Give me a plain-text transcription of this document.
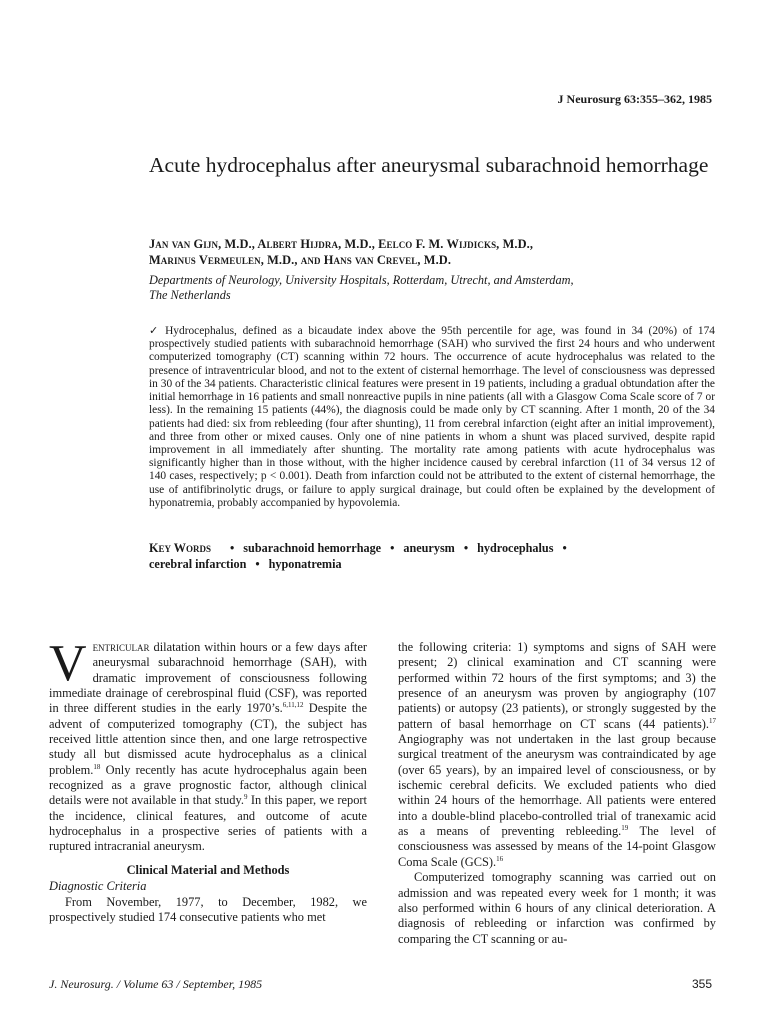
J Neurosurg 63:355–362, 1985
Acute hydrocephalus after aneurysmal subarachnoid hemorrhage
Jan van Gijn, M.D., Albert Hijdra, M.D., Eelco F. M. Wijdicks, M.D.,
Marinus Vermeulen, M.D., and Hans van Crevel, M.D.
Departments of Neurology, University Hospitals, Rotterdam, Utrecht, and Amsterdam,
The Netherlands

✓ Hydrocephalus, defined as a bicaudate index above the 95th percentile for age, was found in 34 (20%) of 174 prospectively studied patients with subarachnoid hemorrhage (SAH) who survived the first 24 hours and who underwent computerized tomography (CT) scanning within 72 hours. The occurrence of acute hydrocephalus was related to the presence of intraventricular blood, and not to the extent of cisternal hemorrhage. The level of consciousness was depressed in 30 of the 34 patients. Characteristic clinical features were present in 19 patients, including a gradual obtundation after the initial hemorrhage in 16 patients and small nonreactive pupils in nine patients (all with a Glasgow Coma Scale score of 7 or less). In the remaining 15 patients (44%), the diagnosis could be made only by CT scanning. After 1 month, 20 of the 34 patients had died: six from rebleeding (four after shunting), 11 from cerebral infarction (eight after an initial improvement), and three from other or mixed causes. Only one of nine patients in whom a shunt was placed survived, despite rapid improvement in all immediately after shunting. The mortality rate among patients with acute hydrocephalus was significantly higher than in those without, with the higher incidence caused by cerebral infarction (11 of 34 versus 12 of 140 cases, respectively; p < 0.001). Death from infarction could not be attributed to the extent of cisternal hemorrhage, the use of antifibrinolytic drugs, or failure to apply surgical drainage, but could often be explained by the development of hyponatremia, probably accompanied by hypovolemia.

Key Words • subarachnoid hemorrhage • aneurysm • hydrocephalus •
cerebral infarction • hyponatremia

Ventricular dilatation within hours or a few days after aneurysmal subarachnoid hemorrhage (SAH), with dramatic improvement of consciousness following immediate drainage of cerebrospinal fluid (CSF), was reported in three different studies in the early 1970’s.$^{6,11,12}$ Despite the advent of computerized tomography (CT), the subject has received little attention since then, and one large retrospective study all but dismissed acute hydrocephalus as a clinical problem.$^{18}$ Only recently has acute hydrocephalus again been recognized as a grave prognostic factor, although clinical details were not available in that study.$^9$ In this paper, we report the incidence, clinical features, and outcome of acute hydrocephalus in a prospective series of patients with a ruptured intracranial aneurysm.

Clinical Material and Methods

Diagnostic Criteria

From November, 1977, to December, 1982, we prospectively studied 174 consecutive patients who met

the following criteria: 1) symptoms and signs of SAH were present; 2) clinical examination and CT scanning were performed within 72 hours of the first symptoms; and 3) the presence of an aneurysm was proven by angiography (107 patients) or autopsy (23 patients), or strongly suggested by the pattern of basal hemorrhage on CT scans (44 patients).$^{17}$ Angiography was not undertaken in the last group because surgical treatment of the aneurysm was contraindicated by age (over 65 years), by an impaired level of consciousness, or by ischemic cerebral deficits. We excluded patients who died within 24 hours of the hemorrhage. All patients were entered into a double-blind placebo-controlled trial of tranexamic acid as a means of preventing rebleeding.$^{19}$ The level of consciousness was assessed by means of the 14-point Glasgow Coma Scale (GCS).$^{16}$

Computerized tomography scanning was carried out on admission and was repeated every week for 1 month; it was also performed within 6 hours of any clinical deterioration. A diagnosis of rebleeding or infarction was confirmed by comparing the CT scanning or au-

J. Neurosurg. / Volume 63 / September, 1985	355
